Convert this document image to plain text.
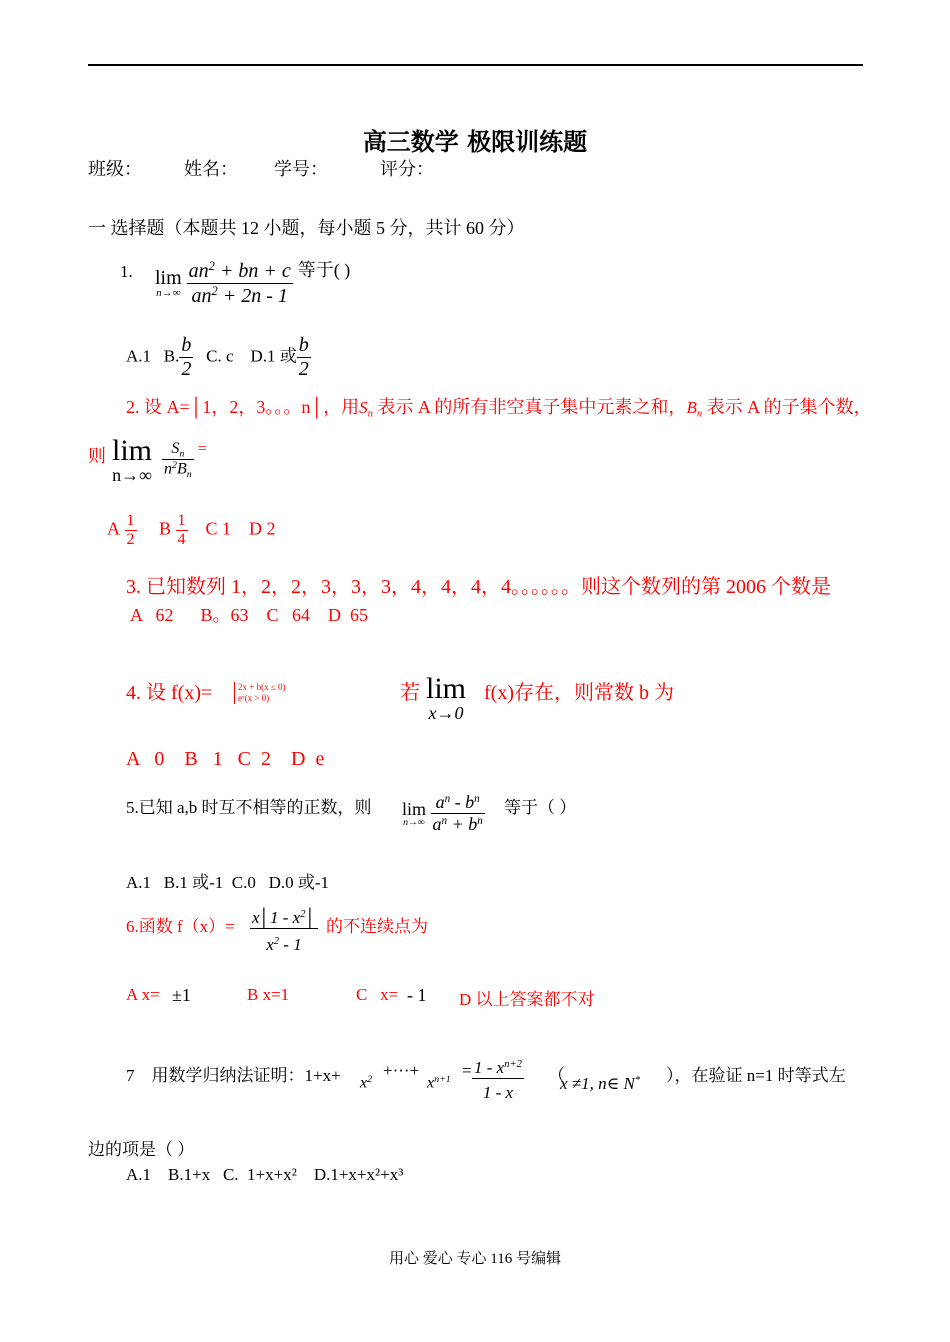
高三数学 极限训练题
班级： 姓名： 学号：	评分：
一 选择题（本题共 12 小题，每小题 5 分，共计 60 分）
1. lim
n→∞
$\frac{an^2 + bn + c}{an^2 + 2n - 1}$ 等于( )
A.1 B. $\frac{b}{2} C$. c D.1 或 $\frac{b}{2}$
2. 设 A=│1，2，3。。。n│，用$S_n$ 表示 A 的所有非空真子集中元素之和，$B_n$ 表示 A 的子集个数，
则 lim
n→∞
$\frac{S_n}{n^2B_n}$ =
A $\frac{1}{2}$ B $\frac{1}{4}$ C 1 D 2
3. 已知数列 1，2，2，3，3，3，4，4，4，4。。。。。。则这个数列的第 2006 个数是
A   62      B。63    C   64    D  65
4. 设 f(x)=	2x + b(x ≤ 0)
eˣ(x > 0)	若 lim
x→0
f(x)存在，则常数 b 为
A   0    B   1   C  2    D  e
5.已知 a,b 时互不相等的正数，则 lim
n→∞
$\frac{a^n - b^n}{a^n + b^n}$ 等于（ ）
A.1   B.1 或-1  C.0   D.0 或-1
6.函数 $f(x)= \frac{x│1 - x^2│}{x^2 - 1}$ 的不连续点为
A x= ±1	B x=1	C   x= - 1 D 以上答案都不对
7    用数学归纳法证明：$1+x+ x^2$ +···+
$x^{n+1} = \frac{1 - x^{n+2}}{1 - x}$ （
x ≠1, n∈ N* ），在验证 n=1 时等式左
边的项是（ ）
A.1    B.1+x   C.  1+x+x²    D.1+x+x²+x³
用心 爱心 专心 116 号编辑
